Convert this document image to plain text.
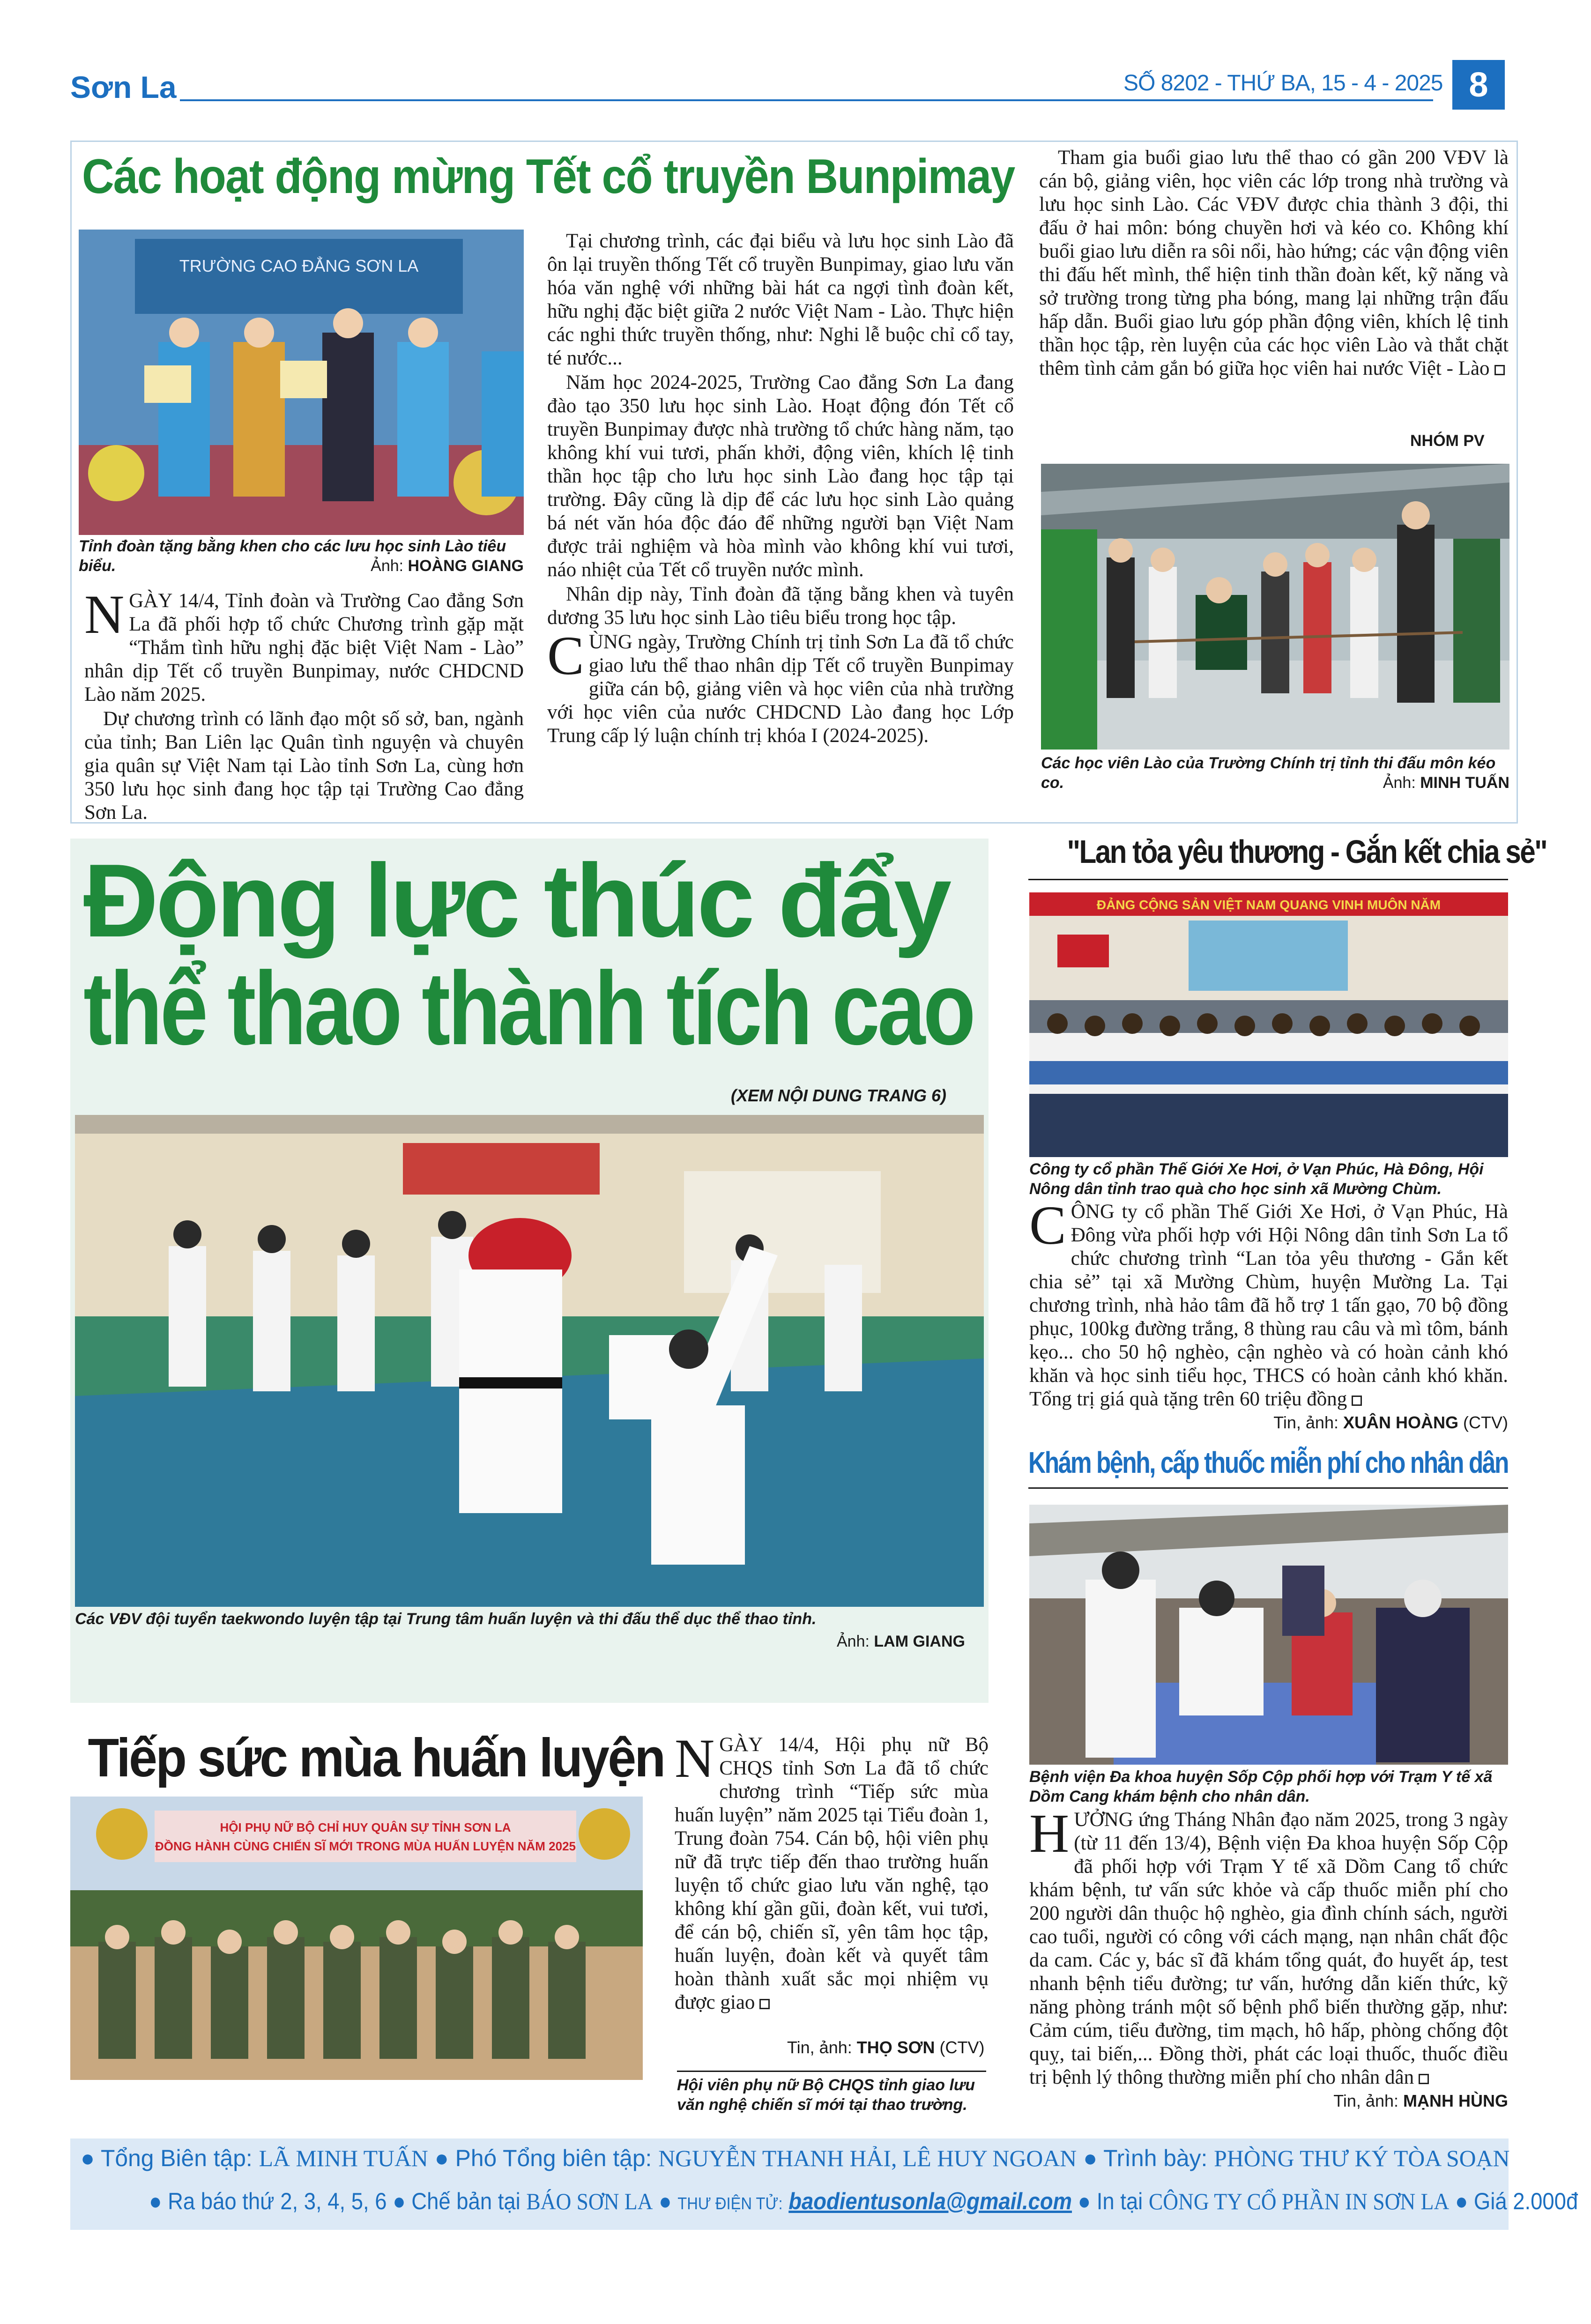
Sơn La	SỐ 8202 - THỨ BA, 15 - 4 - 2025 8
Các hoạt động mừng Tết cổ truyền Bunpimay
TRƯỜNG CAO ĐẲNG SƠN LA
Tỉnh đoàn tặng bằng khen cho các lưu học sinh Lào tiêu biểu.	Ảnh: HOÀNG GIANG

NGÀY 14/4, Tỉnh đoàn và Trường Cao đẳng Sơn La đã phối hợp tổ chức Chương trình gặp mặt “Thắm tình hữu nghị đặc biệt Việt Nam - Lào” nhân dịp Tết cổ truyền Bunpimay, nước CHDCND Lào năm 2025.

Dự chương trình có lãnh đạo một số sở, ban, ngành của tỉnh; Ban Liên lạc Quân tình nguyện và chuyên gia quân sự Việt Nam tại Lào tỉnh Sơn La, cùng hơn 350 lưu học sinh đang học tập tại Trường Cao đẳng Sơn La.

Tại chương trình, các đại biểu và lưu học sinh Lào đã ôn lại truyền thống Tết cổ truyền Bunpimay, giao lưu văn hóa văn nghệ với những bài hát ca ngợi tình đoàn kết, hữu nghị đặc biệt giữa 2 nước Việt Nam - Lào. Thực hiện các nghi thức truyền thống, như: Nghi lễ buộc chỉ cổ tay, té nước...

Năm học 2024-2025, Trường Cao đẳng Sơn La đang đào tạo 350 lưu học sinh Lào. Hoạt động đón Tết cổ truyền Bunpimay được nhà trường tổ chức hàng năm, tạo không khí vui tươi, phấn khởi, động viên, khích lệ tinh thần học tập cho lưu học sinh Lào đang học tập tại trường. Đây cũng là dịp để các lưu học sinh Lào quảng bá nét văn hóa độc đáo để những người bạn Việt Nam được trải nghiệm và hòa mình vào không khí vui tươi, náo nhiệt của Tết cổ truyền nước mình.

Nhân dịp này, Tỉnh đoàn đã tặng bằng khen và tuyên dương 35 lưu học sinh Lào tiêu biểu trong học tập.

CÙNG ngày, Trường Chính trị tỉnh Sơn La đã tổ chức giao lưu thể thao nhân dịp Tết cổ truyền Bunpimay giữa cán bộ, giảng viên và học viên của nhà trường với học viên của nước CHDCND Lào đang học Lớp Trung cấp lý luận chính trị khóa I (2024-2025).

Tham gia buổi giao lưu thể thao có gần 200 VĐV là cán bộ, giảng viên, học viên các lớp trong nhà trường và lưu học sinh Lào. Các VĐV được chia thành 3 đội, thi đấu ở hai môn: bóng chuyền hơi và kéo co. Không khí buổi giao lưu diễn ra sôi nổi, hào hứng; các vận động viên thi đấu hết mình, thể hiện tinh thần đoàn kết, kỹ năng và sở trường trong từng pha bóng, mang lại những trận đấu hấp dẫn. Buổi giao lưu góp phần động viên, khích lệ tinh thần học tập, rèn luyện của các học viên Lào và thắt chặt thêm tình cảm gắn bó giữa học viên hai nước Việt - Lào

NHÓM PV
Các học viên Lào của Trường Chính trị tỉnh thi đấu môn kéo co.	Ảnh: MINH TUẤN
Động lực thúc đẩy
thể thao thành tích cao
(XEM NỘI DUNG TRANG 6)
Các VĐV đội tuyển taekwondo luyện tập tại Trung tâm huấn luyện và thi đấu thể dục thể thao tỉnh.
Ảnh: LAM GIANG
"Lan tỏa yêu thương - Gắn kết chia sẻ"
ĐẢNG CỘNG SẢN VIỆT NAM QUANG VINH MUÔN NĂM
Công ty cổ phần Thế Giới Xe Hơi, ở Vạn Phúc, Hà Đông, Hội Nông dân tỉnh trao quà cho học sinh xã Mường Chùm.

CÔNG ty cổ phần Thế Giới Xe Hơi, ở Vạn Phúc, Hà Đông vừa phối hợp với Hội Nông dân tỉnh Sơn La tổ chức chương trình “Lan tỏa yêu thương - Gắn kết chia sẻ” tại xã Mường Chùm, huyện Mường La. Tại chương trình, nhà hảo tâm đã hỗ trợ 1 tấn gạo, 70 bộ đồng phục, 100kg đường trắng, 8 thùng rau câu và mì tôm, bánh kẹo... cho 50 hộ nghèo, cận nghèo và có hoàn cảnh khó khăn và học sinh tiểu học, THCS có hoàn cảnh khó khăn. Tổng trị giá quà tặng trên 60 triệu đồng
Tin, ảnh: XUÂN HOÀNG (CTV)

Khám bệnh, cấp thuốc miễn phí cho nhân dân
Bệnh viện Đa khoa huyện Sốp Cộp phối hợp với Trạm Y tế xã Dồm Cang khám bệnh cho nhân dân.

HƯỞNG ứng Tháng Nhân đạo năm 2025, trong 3 ngày (từ 11 đến 13/4), Bệnh viện Đa khoa huyện Sốp Cộp đã phối hợp với Trạm Y tế xã Dồm Cang tổ chức khám bệnh, tư vấn sức khỏe và cấp thuốc miễn phí cho 200 người dân thuộc hộ nghèo, gia đình chính sách, người cao tuổi, người có công với cách mạng, nạn nhân chất độc da cam. Các y, bác sĩ đã khám tổng quát, đo huyết áp, test nhanh bệnh tiểu đường; tư vấn, hướng dẫn kiến thức, kỹ năng phòng tránh một số bệnh phổ biến thường gặp, như: Cảm cúm, tiểu đường, tim mạch, hô hấp, phòng chống đột quỵ, tai biến,... Đồng thời, phát các loại thuốc, thuốc điều trị bệnh lý thông thường miễn phí cho nhân dân
Tin, ảnh: MẠNH HÙNG

Tiếp sức mùa huấn luyện
HỘI PHỤ NỮ BỘ CHỈ HUY QUÂN SỰ TỈNH SƠN LA
ĐỒNG HÀNH CÙNG CHIẾN SĨ MỚI TRONG MÙA HUẤN LUYỆN NĂM 2025

NGÀY 14/4, Hội phụ nữ Bộ CHQS tỉnh Sơn La đã tổ chức chương trình “Tiếp sức mùa huấn luyện” năm 2025 tại Tiểu đoàn 1, Trung đoàn 754. Cán bộ, hội viên phụ nữ đã trực tiếp đến thao trường huấn luyện tổ chức giao lưu văn nghệ, tạo không khí gần gũi, đoàn kết, vui tươi, để cán bộ, chiến sĩ, yên tâm học tập, huấn luyện, đoàn kết và quyết tâm hoàn thành xuất sắc mọi nhiệm vụ được giao

Tin, ảnh: THỌ SƠN (CTV)
Hội viên phụ nữ Bộ CHQS tỉnh giao lưu văn nghệ chiến sĩ mới tại thao trường.
● Tổng Biên tập: LÃ MINH TUẤN ● Phó Tổng biên tập: NGUYỄN THANH HẢI, LÊ HUY NGOAN ● Trình bày: PHÒNG THƯ KÝ TÒA SOẠN
● Ra báo thứ 2, 3, 4, 5, 6 ● Chế bản tại BÁO SƠN LA ● THƯ ĐIỆN TỬ: baodientusonla@gmail.com ● In tại CÔNG TY CỔ PHẦN IN SƠN LA ● Giá 2.000đ
